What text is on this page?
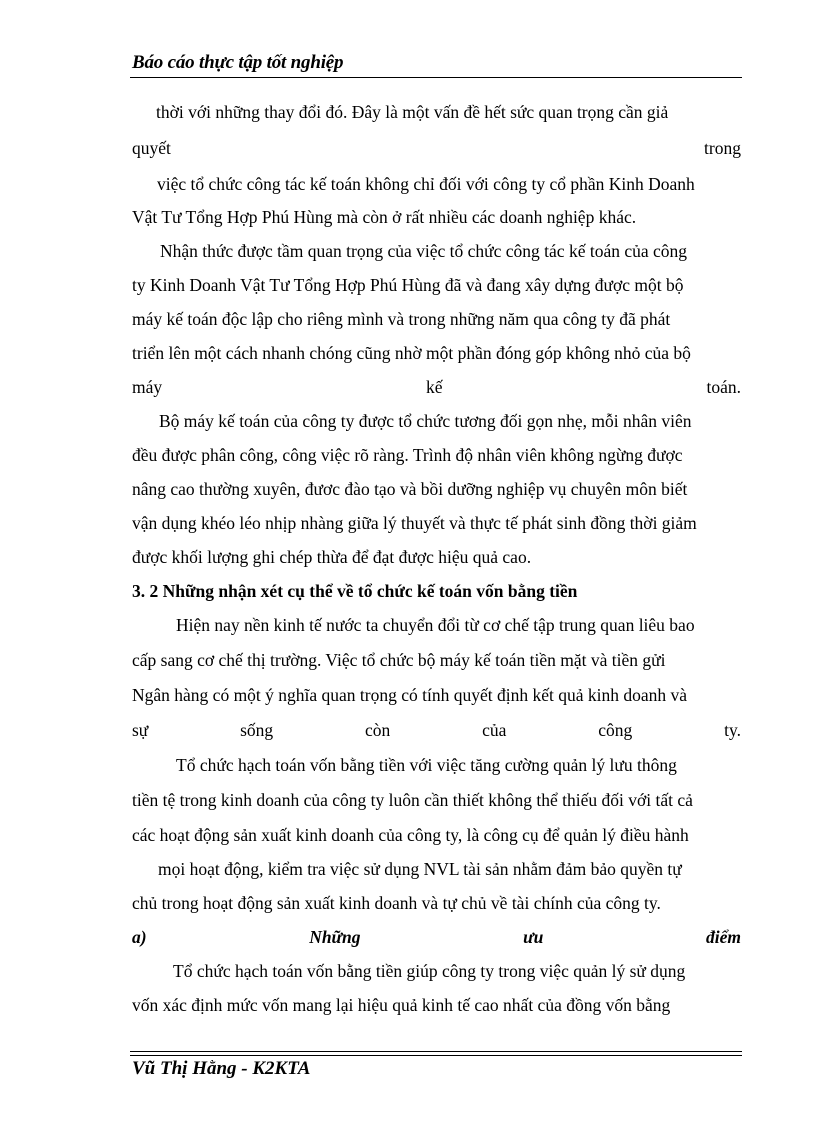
Báo cáo thực tập tốt nghiệp
thời với những thay đổi đó. Đây là một vấn đề hết sức quan trọng cần giả
quyết	trong
việc tổ chức công tác kế toán không chỉ đối với công ty cổ phần Kinh Doanh
Vật Tư Tổng Hợp Phú Hùng mà còn ở rất nhiều các doanh nghiệp khác.
Nhận thức được tầm quan trọng của việc tổ chức công tác kế toán của công
ty Kinh Doanh Vật Tư Tổng Hợp Phú Hùng đã và đang xây dựng được một bộ
máy kế toán độc lập cho riêng mình và trong những năm qua công ty đã phát
triển lên một cách nhanh chóng cũng nhờ một phần đóng góp không nhỏ của bộ
máy	kế	toán.
Bộ máy kế toán của công ty được tổ chức tương đối gọn nhẹ, mỗi nhân viên
đều được phân công, công việc rõ ràng. Trình độ nhân viên không ngừng được
nâng cao thường xuyên, đươc đào tạo và bồi dưỡng nghiệp vụ chuyên môn biết
vận dụng khéo léo nhịp nhàng giữa lý thuyết và thực tế phát sinh đồng thời giảm
được khối lượng ghi chép thừa để đạt được hiệu quả cao.
3. 2 Những nhận xét cụ thể về tổ chức kế toán vốn bằng tiền
Hiện nay nền kinh tế nước ta chuyển đổi từ cơ chế tập trung quan liêu bao
cấp sang cơ chế thị trường. Việc tổ chức bộ máy kế toán tiền mặt và tiền gửi
Ngân hàng có một ý nghĩa quan trọng có tính quyết định kết quả kinh doanh và
sự	sống	còn	của	công	ty.
Tổ chức hạch toán vốn bằng tiền với việc tăng cường quản lý lưu thông
tiền tệ trong kinh doanh của công ty luôn cần thiết không thể thiếu đối với tất cả
các hoạt động sản xuất kinh doanh của công ty, là công cụ để quản lý điều hành
mọi hoạt động, kiểm tra việc sử dụng NVL tài sản nhằm đảm bảo quyền tự
chủ trong hoạt động sản xuất kinh doanh và tự chủ về tài chính của công ty.
a)	Những	ưu	điểm
Tổ chức hạch toán vốn bằng tiền giúp công ty trong việc quản lý sử dụng
vốn xác định mức vốn mang lại hiệu quả kinh tế cao nhất của đồng vốn bằng
Vũ Thị Hằng - K2KTA
